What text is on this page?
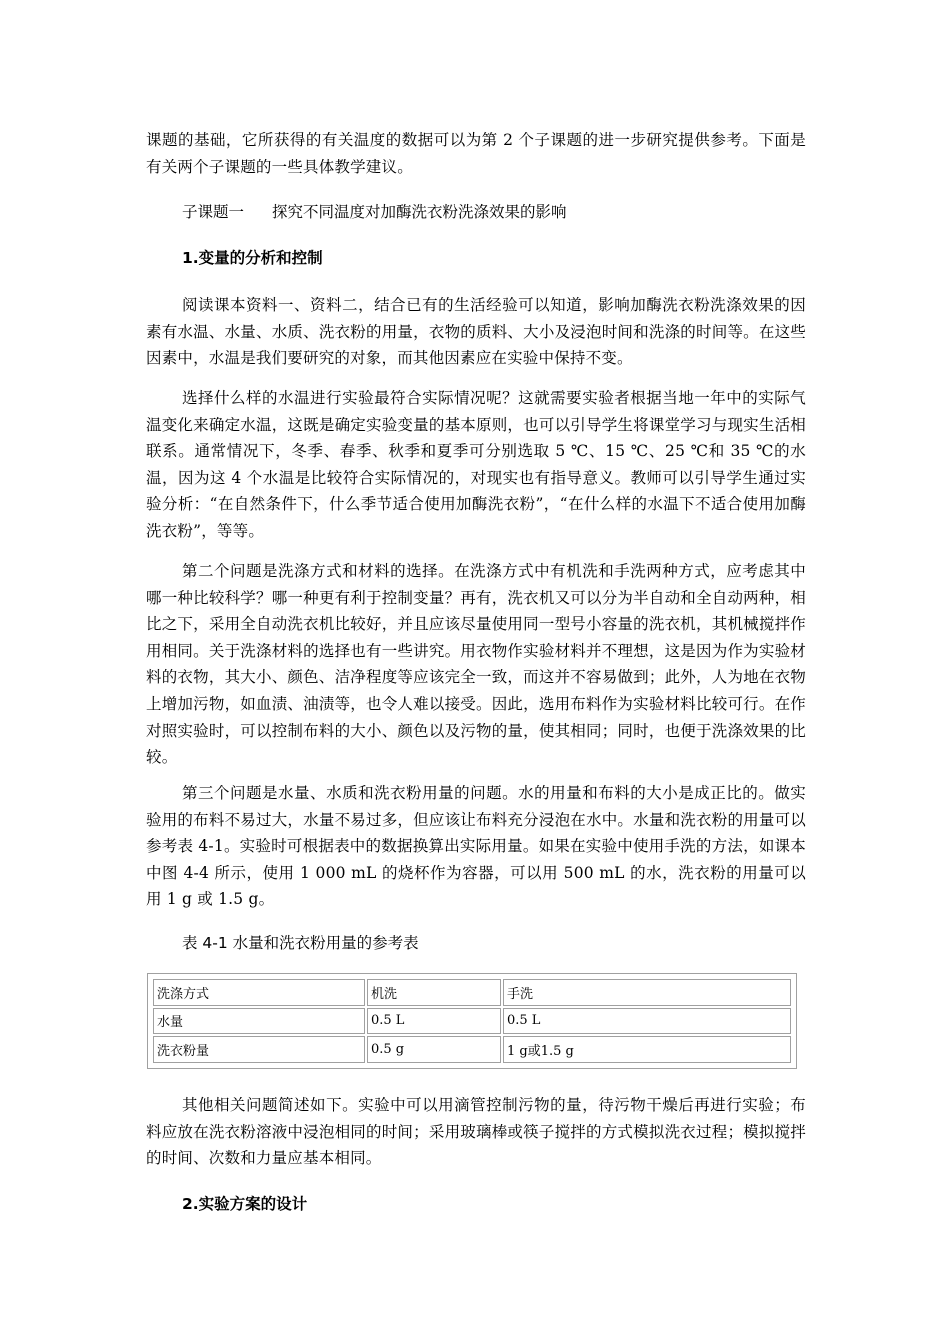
课题的基础，它所获得的有关温度的数据可以为第 2 个子课题的进一步研究提供参考。下面是有关两个子课题的一些具体教学建议。

子课题一 探究不同温度对加酶洗衣粉洗涤效果的影响

1.变量的分析和控制

阅读课本资料一、资料二，结合已有的生活经验可以知道，影响加酶洗衣粉洗涤效果的因素有水温、水量、水质、洗衣粉的用量，衣物的质料、大小及浸泡时间和洗涤的时间等。在这些因素中，水温是我们要研究的对象，而其他因素应在实验中保持不变。

选择什么样的水温进行实验最符合实际情况呢？这就需要实验者根据当地一年中的实际气温变化来确定水温，这既是确定实验变量的基本原则，也可以引导学生将课堂学习与现实生活相联系。通常情况下，冬季、春季、秋季和夏季可分别选取 5 ℃、15 ℃、25 ℃和 35 ℃的水温，因为这 4 个水温是比较符合实际情况的，对现实也有指导意义。教师可以引导学生通过实验分析：“在自然条件下，什么季节适合使用加酶洗衣粉”，“在什么样的水温下不适合使用加酶洗衣粉”，等等。

第二个问题是洗涤方式和材料的选择。在洗涤方式中有机洗和手洗两种方式，应考虑其中哪一种比较科学？哪一种更有利于控制变量？再有，洗衣机又可以分为半自动和全自动两种，相比之下，采用全自动洗衣机比较好，并且应该尽量使用同一型号小容量的洗衣机，其机械搅拌作用相同。关于洗涤材料的选择也有一些讲究。用衣物作实验材料并不理想，这是因为作为实验材料的衣物，其大小、颜色、洁净程度等应该完全一致，而这并不容易做到；此外，人为地在衣物上增加污物，如血渍、油渍等，也令人难以接受。因此，选用布料作为实验材料比较可行。在作对照实验时，可以控制布料的大小、颜色以及污物的量，使其相同；同时，也便于洗涤效果的比较。

第三个问题是水量、水质和洗衣粉用量的问题。水的用量和布料的大小是成正比的。做实验用的布料不易过大，水量不易过多，但应该让布料充分浸泡在水中。水量和洗衣粉的用量可以参考表 4-1。实验时可根据表中的数据换算出实际用量。如果在实验中使用手洗的方法，如课本中图 4-4 所示，使用 1 000 mL 的烧杯作为容器，可以用 500 mL 的水，洗衣粉的用量可以用 1 g 或 1.5 g。

表 4-1 水量和洗衣粉用量的参考表

洗涤方式	机洗	手洗
水量	0.5 L	0.5 L
洗衣粉量	0.5 g	1 g或1.5 g

其他相关问题简述如下。实验中可以用滴管控制污物的量，待污物干燥后再进行实验；布料应放在洗衣粉溶液中浸泡相同的时间；采用玻璃棒或筷子搅拌的方式模拟洗衣过程；模拟搅拌的时间、次数和力量应基本相同。

2.实验方案的设计
